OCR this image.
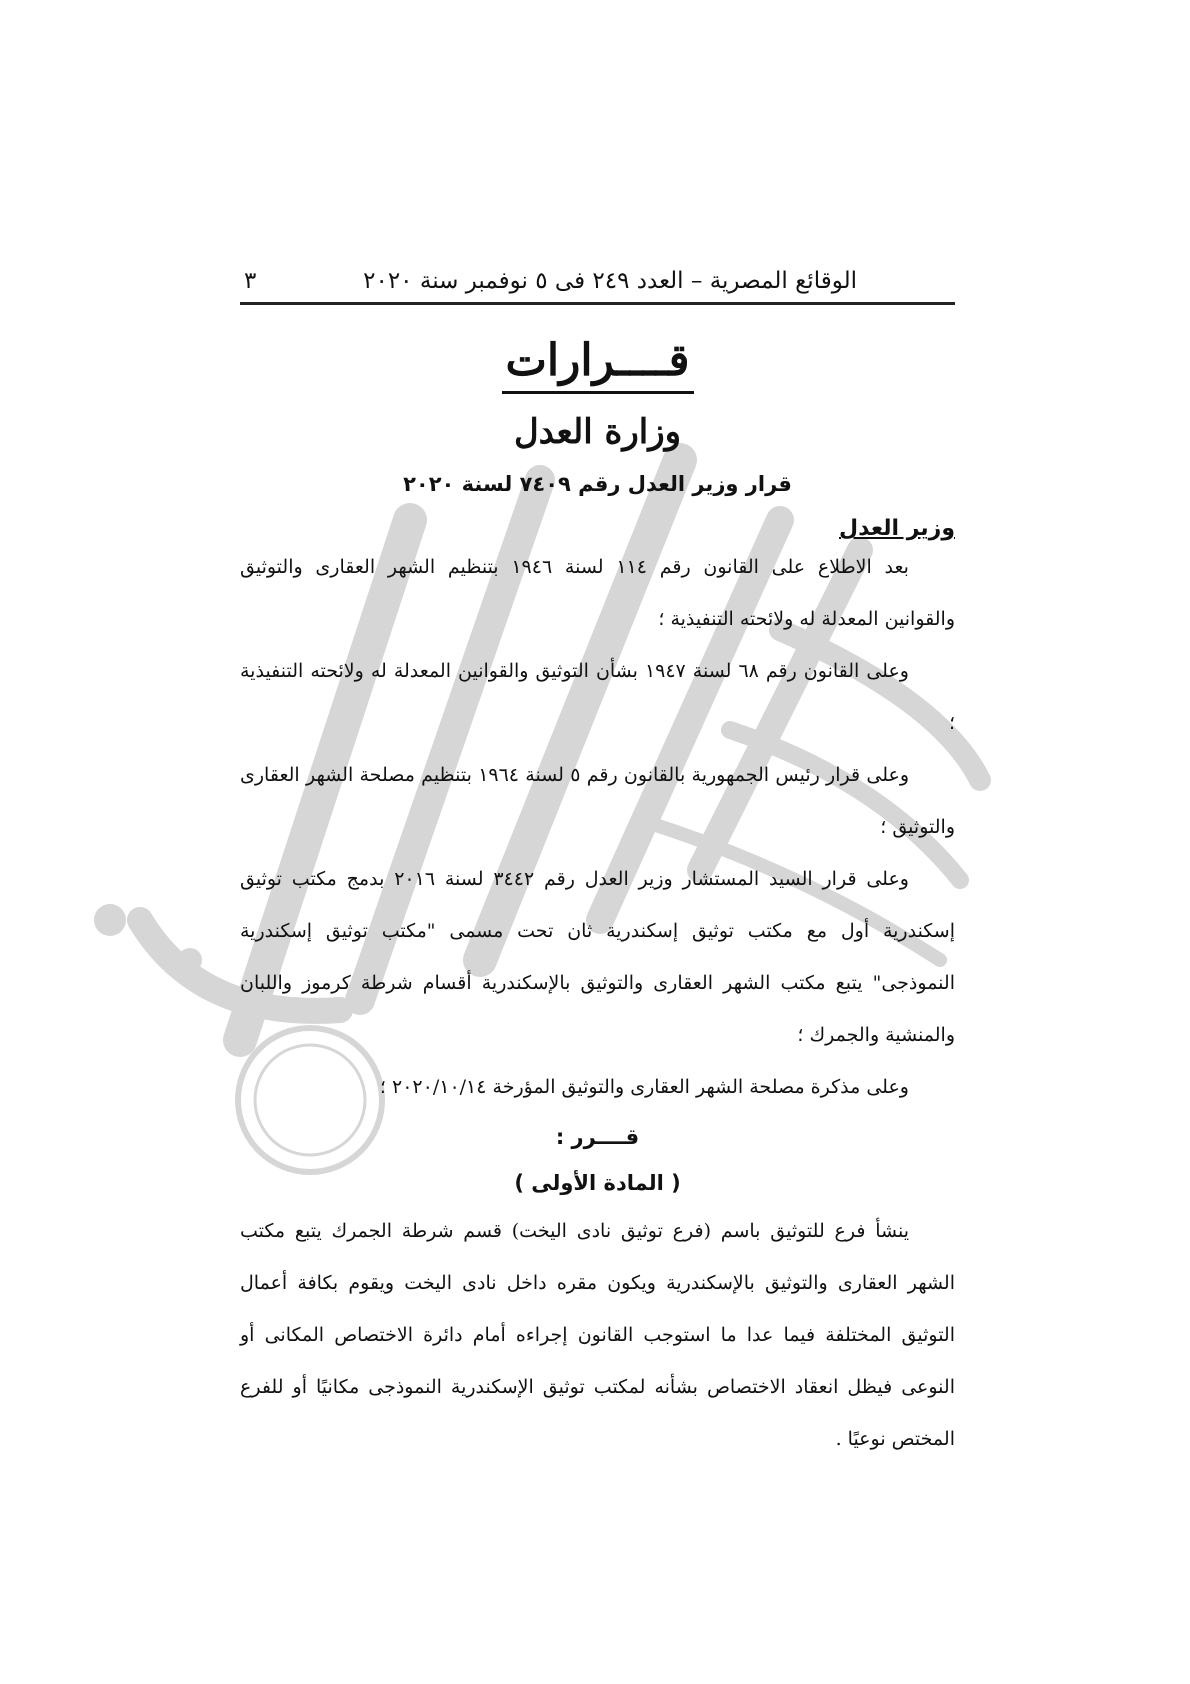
الوقائع المصرية – العدد ٢٤٩ فى ٥ نوفمبر سنة ٢٠٢٠
٣
قــــرارات
وزارة العدل
قرار وزير العدل رقم ٧٤٠٩ لسنة ٢٠٢٠
وزير العدل

بعد الاطلاع على القانون رقم ١١٤ لسنة ١٩٤٦ بتنظيم الشهر العقارى والتوثيق والقوانين المعدلة له ولائحته التنفيذية ؛

وعلى القانون رقم ٦٨ لسنة ١٩٤٧ بشأن التوثيق والقوانين المعدلة له ولائحته التنفيذية ؛

وعلى قرار رئيس الجمهورية بالقانون رقم ٥ لسنة ١٩٦٤ بتنظيم مصلحة الشهر العقارى والتوثيق ؛

وعلى قرار السيد المستشار وزير العدل رقم ٣٤٤٢ لسنة ٢٠١٦ بدمج مكتب توثيق إسكندرية أول مع مكتب توثيق إسكندرية ثان تحت مسمى "مكتب توثيق إسكندرية النموذجى" يتبع مكتب الشهر العقارى والتوثيق بالإسكندرية أقسام شرطة كرموز واللبان والمنشية والجمرك ؛

وعلى مذكرة مصلحة الشهر العقارى والتوثيق المؤرخة ٢٠٢٠/١٠/١٤ ؛

قــــرر :
( المادة الأولى )

ينشأ فرع للتوثيق باسم (فرع توثيق نادى اليخت) قسم شرطة الجمرك يتبع مكتب الشهر العقارى والتوثيق بالإسكندرية ويكون مقره داخل نادى اليخت ويقوم بكافة أعمال التوثيق المختلفة فيما عدا ما استوجب القانون إجراءه أمام دائرة الاختصاص المكانى أو النوعى فيظل انعقاد الاختصاص بشأنه لمكتب توثيق الإسكندرية النموذجى مكانيًا أو للفرع المختص نوعيًا .
